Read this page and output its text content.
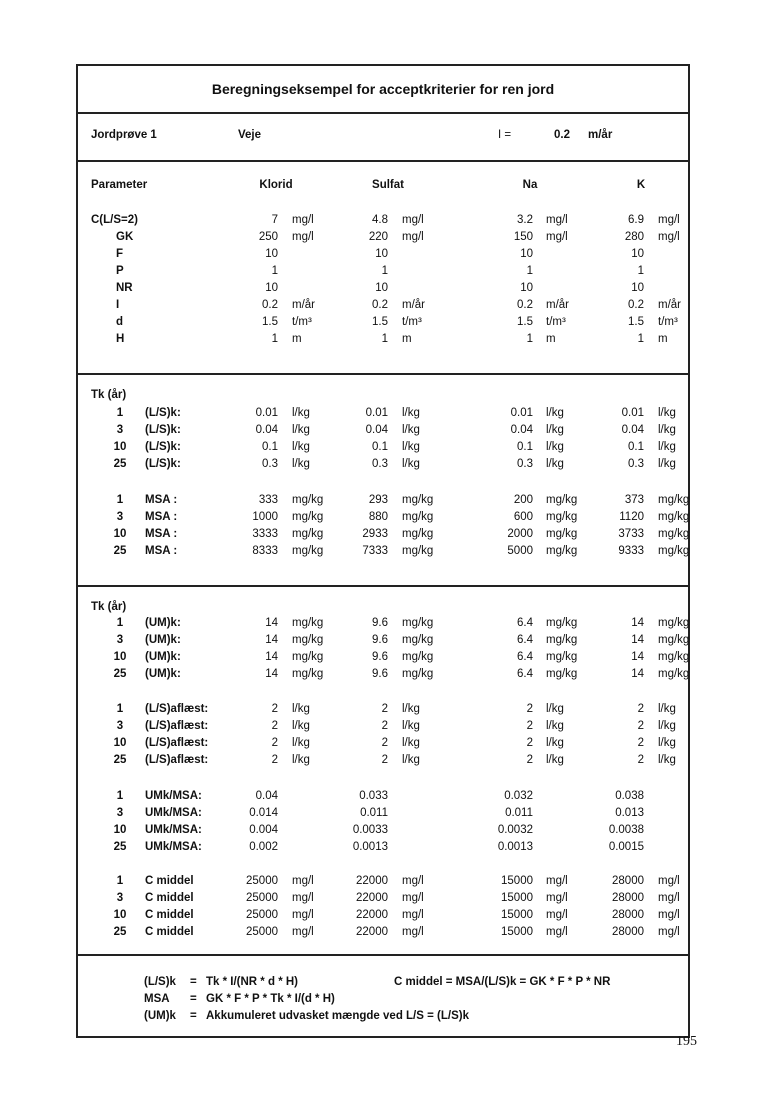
Beregningseksempel for acceptkriterier for ren jord
Jordprøve 1	Veje	I =	0.2 m/år
Parameter	Klorid	Sulfat	Na	K
C(L/S=2)	7 mg/l	4.8 mg/l	3.2 mg/l	6.9 mg/l
GK	250 mg/l	220 mg/l	150 mg/l	280 mg/l
F	10	10	10	10
P	1	1	1	1
NR	10	10	10	10
I	0.2 m/år	0.2 m/år	0.2 m/år	0.2 m/år
d	1.5 t/m³	1.5 t/m³	1.5 t/m³	1.5 t/m³
H	1 m	1 m	1 m	1 m
Tk (år)
1 (L/S)k:	0.01 l/kg	0.01 l/kg	0.01 l/kg	0.01 l/kg
3 (L/S)k:	0.04 l/kg	0.04 l/kg	0.04 l/kg	0.04 l/kg
10 (L/S)k:	0.1 l/kg	0.1 l/kg	0.1 l/kg	0.1 l/kg
25 (L/S)k:	0.3 l/kg	0.3 l/kg	0.3 l/kg	0.3 l/kg
1 MSA :	333 mg/kg	293 mg/kg	200 mg/kg	373 mg/kg
3 MSA :	1000 mg/kg	880 mg/kg	600 mg/kg	1120 mg/kg
10 MSA :	3333 mg/kg	2933 mg/kg	2000 mg/kg	3733 mg/kg
25 MSA :	8333 mg/kg	7333 mg/kg	5000 mg/kg	9333 mg/kg
Tk (år)
1 (UM)k:	14 mg/kg	9.6 mg/kg	6.4 mg/kg	14 mg/kg
3 (UM)k:	14 mg/kg	9.6 mg/kg	6.4 mg/kg	14 mg/kg
10 (UM)k:	14 mg/kg	9.6 mg/kg	6.4 mg/kg	14 mg/kg
25 (UM)k:	14 mg/kg	9.6 mg/kg	6.4 mg/kg	14 mg/kg
1 (L/S)aflæst:	2 l/kg	2 l/kg	2 l/kg	2 l/kg
3 (L/S)aflæst:	2 l/kg	2 l/kg	2 l/kg	2 l/kg
10 (L/S)aflæst:	2 l/kg	2 l/kg	2 l/kg	2 l/kg
25 (L/S)aflæst:	2 l/kg	2 l/kg	2 l/kg	2 l/kg
1 UMk/MSA:	0.04	0.033	0.032	0.038
3 UMk/MSA:	0.014	0.011	0.011	0.013
10 UMk/MSA:	0.004	0.0033	0.0032	0.0038
25 UMk/MSA:	0.002	0.0013	0.0013	0.0015
1 C middel	25000 mg/l	22000 mg/l	15000 mg/l	28000 mg/l
3 C middel	25000 mg/l	22000 mg/l	15000 mg/l	28000 mg/l
10 C middel	25000 mg/l	22000 mg/l	15000 mg/l	28000 mg/l
25 C middel	25000 mg/l	22000 mg/l	15000 mg/l	28000 mg/l
(L/S)k = Tk * I/(NR * d * H)	C middel = MSA/(L/S)k = GK * F * P * NR
MSA = GK * F * P * Tk * I/(d * H)
(UM)k = Akkumuleret udvasket mængde ved L/S = (L/S)k
195
